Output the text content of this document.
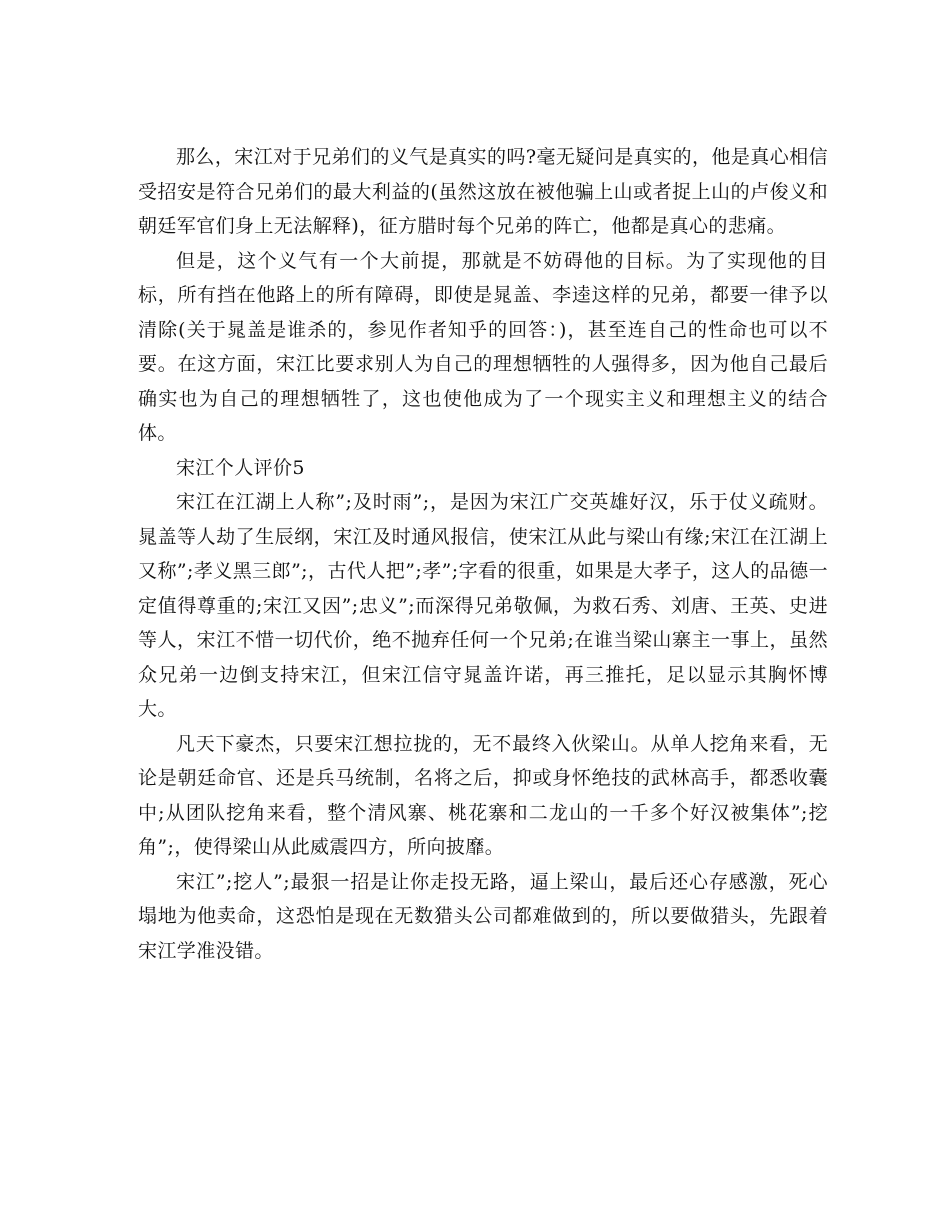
那么，宋江对于兄弟们的义气是真实的吗?毫无疑问是真实的，他是真心相信受招安是符合兄弟们的最大利益的(虽然这放在被他骗上山或者捉上山的卢俊义和朝廷军官们身上无法解释)，征方腊时每个兄弟的阵亡，他都是真心的悲痛。

但是，这个义气有一个大前提，那就是不妨碍他的目标。为了实现他的目标，所有挡在他路上的所有障碍，即使是晁盖、李逵这样的兄弟，都要一律予以清除(关于晁盖是谁杀的，参见作者知乎的回答：)，甚至连自己的性命也可以不要。在这方面，宋江比要求别人为自己的理想牺牲的人强得多，因为他自己最后确实也为自己的理想牺牲了，这也使他成为了一个现实主义和理想主义的结合体。

宋江个人评价5

宋江在江湖上人称”;及时雨”;，是因为宋江广交英雄好汉，乐于仗义疏财。晁盖等人劫了生辰纲，宋江及时通风报信，使宋江从此与梁山有缘;宋江在江湖上又称”;孝义黑三郎”;，古代人把”;孝”;字看的很重，如果是大孝子，这人的品德一定值得尊重的;宋江又因”;忠义”;而深得兄弟敬佩，为救石秀、刘唐、王英、史进等人，宋江不惜一切代价，绝不抛弃任何一个兄弟;在谁当梁山寨主一事上，虽然众兄弟一边倒支持宋江，但宋江信守晁盖许诺，再三推托，足以显示其胸怀博大。

凡天下豪杰，只要宋江想拉拢的，无不最终入伙梁山。从单人挖角来看，无论是朝廷命官、还是兵马统制，名将之后，抑或身怀绝技的武林高手，都悉收囊中;从团队挖角来看，整个清风寨、桃花寨和二龙山的一千多个好汉被集体”;挖角”;，使得梁山从此威震四方，所向披靡。

宋江”;挖人”;最狠一招是让你走投无路，逼上梁山，最后还心存感激，死心塌地为他卖命，这恐怕是现在无数猎头公司都难做到的，所以要做猎头，先跟着宋江学准没错。
